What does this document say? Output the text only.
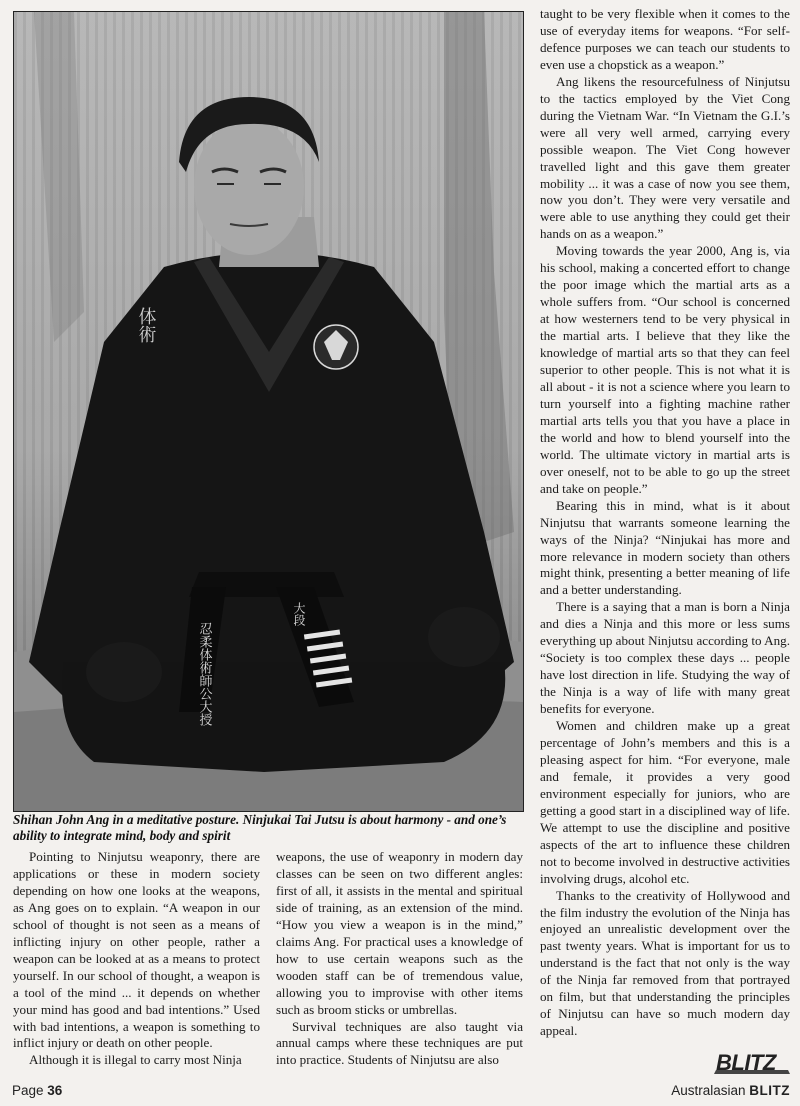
忍柔体術師公大授
大段
体術
Shihan John Ang in a meditative posture. Ninjukai Tai Jutsu is about harmony - and one’s ability to integrate mind, body and spirit

Pointing to Ninjutsu weaponry, there are applications or these in modern society depending on how one looks at the weapons, as Ang goes on to explain. “A weapon in our school of thought is not seen as a means of inflicting injury on other people, rather a weapon can be looked at as a means to protect yourself. In our school of thought, a weapon is a tool of the mind ... it depends on whether your mind has good and bad intentions.” Used with bad intentions, a weapon is something to inflict injury or death on other people.

Although it is illegal to carry most Ninja

weapons, the use of weaponry in modern day classes can be seen on two different angles: first of all, it assists in the mental and spiritual side of training, as an extension of the mind. “How you view a weapon is in the mind,” claims Ang. For practical uses a knowledge of how to use certain weapons such as the wooden staff can be of tremendous value, allowing you to improvise with other items such as broom sticks or umbrellas.

Survival techniques are also taught via annual camps where these techniques are put into practice. Students of Ninjutsu are also

taught to be very flexible when it comes to the use of everyday items for weapons. “For self-defence purposes we can teach our students to even use a chopstick as a weapon.”

Ang likens the resourcefulness of Ninjutsu to the tactics employed by the Viet Cong during the Vietnam War. “In Vietnam the G.I.’s were all very well armed, carrying every possible weapon. The Viet Cong however travelled light and this gave them greater mobility ... it was a case of now you see them, now you don’t. They were very versatile and were able to use anything they could get their hands on as a weapon.”

Moving towards the year 2000, Ang is, via his school, making a concerted effort to change the poor image which the martial arts as a whole suffers from. “Our school is concerned at how westerners tend to be very physical in the martial arts. I believe that they like the knowledge of martial arts so that they can feel superior to other people. This is not what it is all about - it is not a science where you learn to turn yourself into a fighting machine rather martial arts tells you that you have a place in the world and how to blend yourself into the world. The ultimate victory in martial arts is over oneself, not to be able to go up the street and take on people.”

Bearing this in mind, what is it about Ninjutsu that warrants someone learning the ways of the Ninja? “Ninjukai has more and more relevance in modern society than others might think, presenting a better meaning of life and a better understanding.

There is a saying that a man is born a Ninja and dies a Ninja and this more or less sums everything up about Ninjutsu according to Ang. “Society is too complex these days ... people have lost direction in life. Studying the way of the Ninja is a way of life with many great benefits for everyone.

Women and children make up a great percentage of John’s members and this is a pleasing aspect for him. “For everyone, male and female, it provides a very good environment especially for juniors, who are getting a good start in a disciplined way of life. We attempt to use the discipline and positive aspects of the art to influence these children not to become involved in destructive activities involving drugs, alcohol etc.

Thanks to the creativity of Hollywood and the film industry the evolution of the Ninja has enjoyed an unrealistic development over the past twenty years. What is important for us to understand is the fact that not only is the way of the Ninja far removed from that portrayed on film, but that understanding the principles of Ninjutsu can have so much modern day appeal.

BLITZ
Page 36	Australasian BLITZ
